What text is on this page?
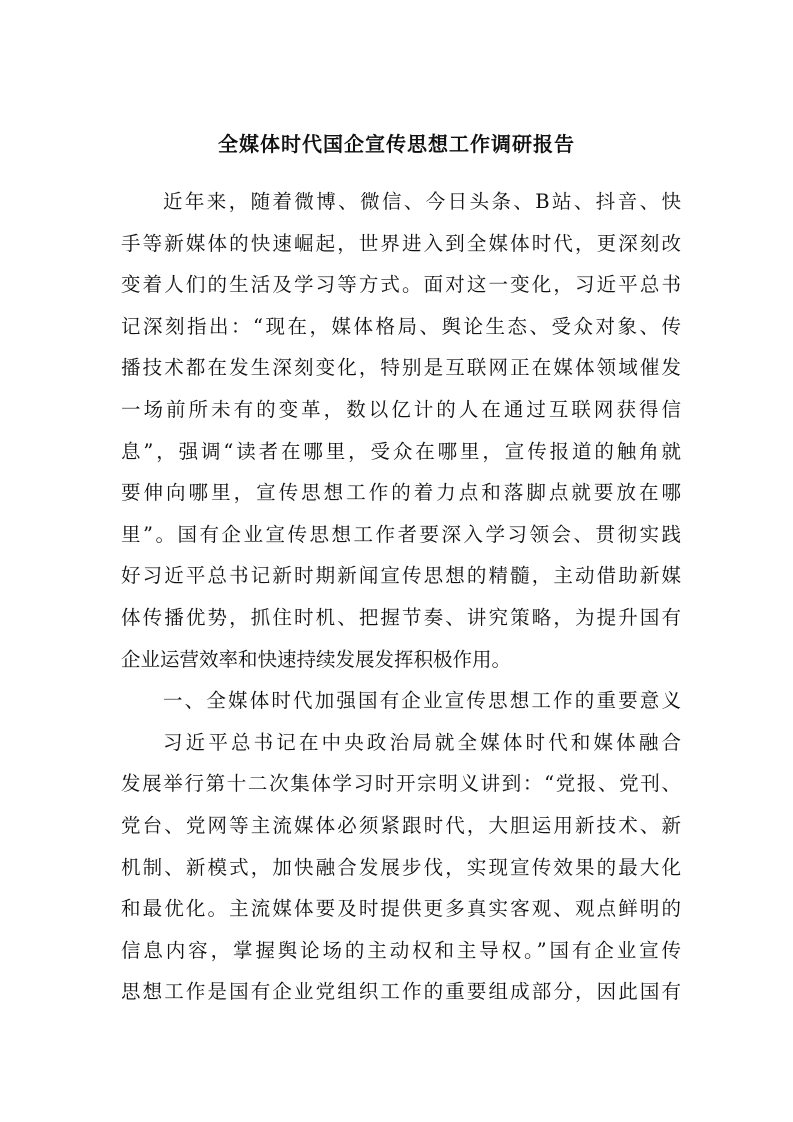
全媒体时代国企宣传思想工作调研报告
近年来，随着微博、微信、今日头条、B站、抖音、快
手等新媒体的快速崛起，世界进入到全媒体时代，更深刻改
变着人们的生活及学习等方式。面对这一变化，习近平总书
记深刻指出：“现在，媒体格局、舆论生态、受众对象、传
播技术都在发生深刻变化，特别是互联网正在媒体领域催发
一场前所未有的变革，数以亿计的人在通过互联网获得信
息”，强调“读者在哪里，受众在哪里，宣传报道的触角就
要伸向哪里，宣传思想工作的着力点和落脚点就要放在哪
里”。国有企业宣传思想工作者要深入学习领会、贯彻实践
好习近平总书记新时期新闻宣传思想的精髓，主动借助新媒
体传播优势，抓住时机、把握节奏、讲究策略，为提升国有
企业运营效率和快速持续发展发挥积极作用。
一、全媒体时代加强国有企业宣传思想工作的重要意义
习近平总书记在中央政治局就全媒体时代和媒体融合
发展举行第十二次集体学习时开宗明义讲到：“党报、党刊、
党台、党网等主流媒体必须紧跟时代，大胆运用新技术、新
机制、新模式，加快融合发展步伐，实现宣传效果的最大化
和最优化。主流媒体要及时提供更多真实客观、观点鲜明的
信息内容，掌握舆论场的主动权和主导权。”国有企业宣传
思想工作是国有企业党组织工作的重要组成部分，因此国有
